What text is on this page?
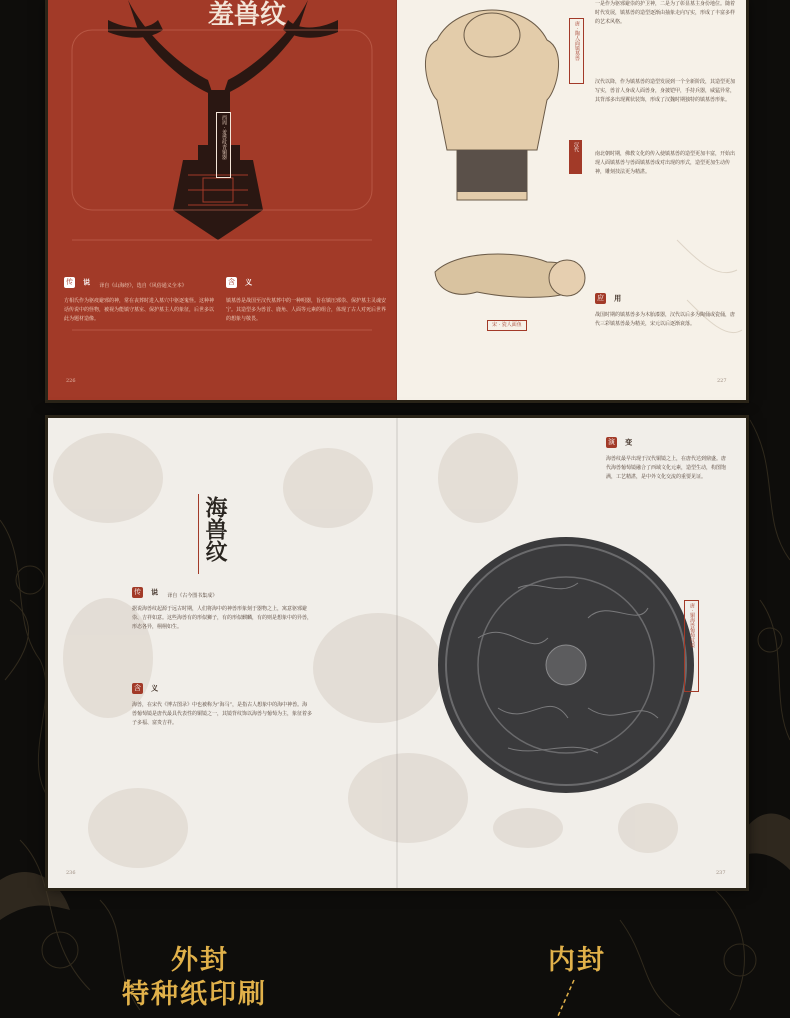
羞兽纹
西周 · 羞兽纹青铜器
传 说 译自《山海经》，选自《风俗通义全本》
方相氏作为驱疫避邪的神，常在丧葬时进入墓穴中驱逐鬼怪。这种神话传说中的怪物，被视为能镇守墓室、保护墓主人的象征，后世多以此为题材造像。
含 义
镇墓兽是战国至汉代墓葬中的一种明器，旨在镇压邪祟、保护墓主灵魂安宁。其造型多为兽首、鹿角、人面等元素的组合，体现了古人对死后世界的想象与敬畏。
226
唐 · 陶人面镇墓兽
汉代
宋 · 瓷人面鱼
一是作为驱邪避祟的护卫神，二是为了彰显墓主身份地位。随着时代发展，镇墓兽的造型逐渐由抽象走向写实，形成了丰富多样的艺术风格。
汉代以降，作为镇墓兽的造型发展到一个全新阶段，其造型更加写实，兽首人身或人面兽身，身披铠甲，手持兵器，威猛异常，其背部多出现翼状装饰，形成了汉魏时期独特的镇墓兽形象。
南北朝时期，佛教文化的传入使镇墓兽的造型更加丰富，开始出现人面镇墓兽与兽面镇墓兽成对出现的形式，造型更加生动传神，雕刻技法更为精湛。
应 用
战国时期的镇墓兽多为木胎漆器，汉代以后多为陶俑或瓷俑，唐代三彩镇墓兽最为精美，宋元以后逐渐衰落。
227
海兽纹
传 说 译自《古今图书集成》
据说海兽纹起源于远古时期，人们将海中的神兽形象刻于器物之上，寓意驱邪避祟、吉祥如意。这些海兽有的形似狮子，有的形似麒麟，有的则是想象中的异兽，形态各异，栩栩如生。
含 义
海兽，在宋代《博古图录》中也被称为“海马”，是指古人想象中的海中神兽。海兽葡萄镜是唐代最具代表性的铜镜之一，其镜背纹饰以海兽与葡萄为主，象征着多子多福、富贵吉祥。
演 变
海兽纹最早出现于汉代铜镜之上，在唐代达到鼎盛。唐代海兽葡萄镜融合了西域文化元素，造型生动，构图饱满，工艺精湛，是中外文化交流的重要见证。
唐 · 铜海兽葡萄纹镜
236	237
外封
特种纸印刷
内封
